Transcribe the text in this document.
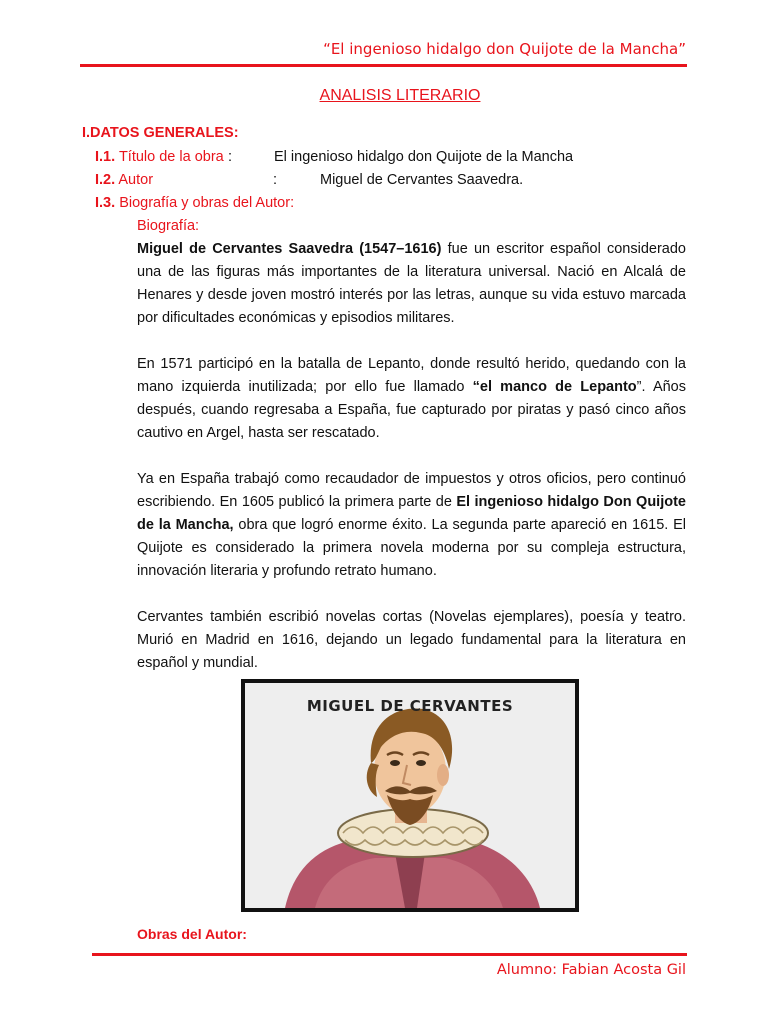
“El ingenioso hidalgo don Quijote de la Mancha”
ANALISIS LITERARIO
I.DATOS GENERALES:
I.1. Título de la obra :	El ingenioso hidalgo don Quijote de la Mancha
I.2. Autor	:	Miguel de Cervantes Saavedra.
I.3. Biografía y obras del Autor:
Biografía:

Miguel de Cervantes Saavedra (1547–1616) fue un escritor español considerado una de las figuras más importantes de la literatura universal. Nació en Alcalá de Henares y desde joven mostró interés por las letras, aunque su vida estuvo marcada por dificultades económicas y episodios militares.

En 1571 participó en la batalla de Lepanto, donde resultó herido, quedando con la mano izquierda inutilizada; por ello fue llamado “el manco de Lepanto”. Años después, cuando regresaba a España, fue capturado por piratas y pasó cinco años cautivo en Argel, hasta ser rescatado.

Ya en España trabajó como recaudador de impuestos y otros oficios, pero continuó escribiendo. En 1605 publicó la primera parte de El ingenioso hidalgo Don Quijote de la Mancha, obra que logró enorme éxito. La segunda parte apareció en 1615. El Quijote es considerado la primera novela moderna por su compleja estructura, innovación literaria y profundo retrato humano.

Cervantes también escribió novelas cortas (Novelas ejemplares), poesía y teatro. Murió en Madrid en 1616, dejando un legado fundamental para la literatura en español y mundial.

MIGUEL DE CERVANTES
Obras del Autor:
Alumno: Fabian Acosta Gil
